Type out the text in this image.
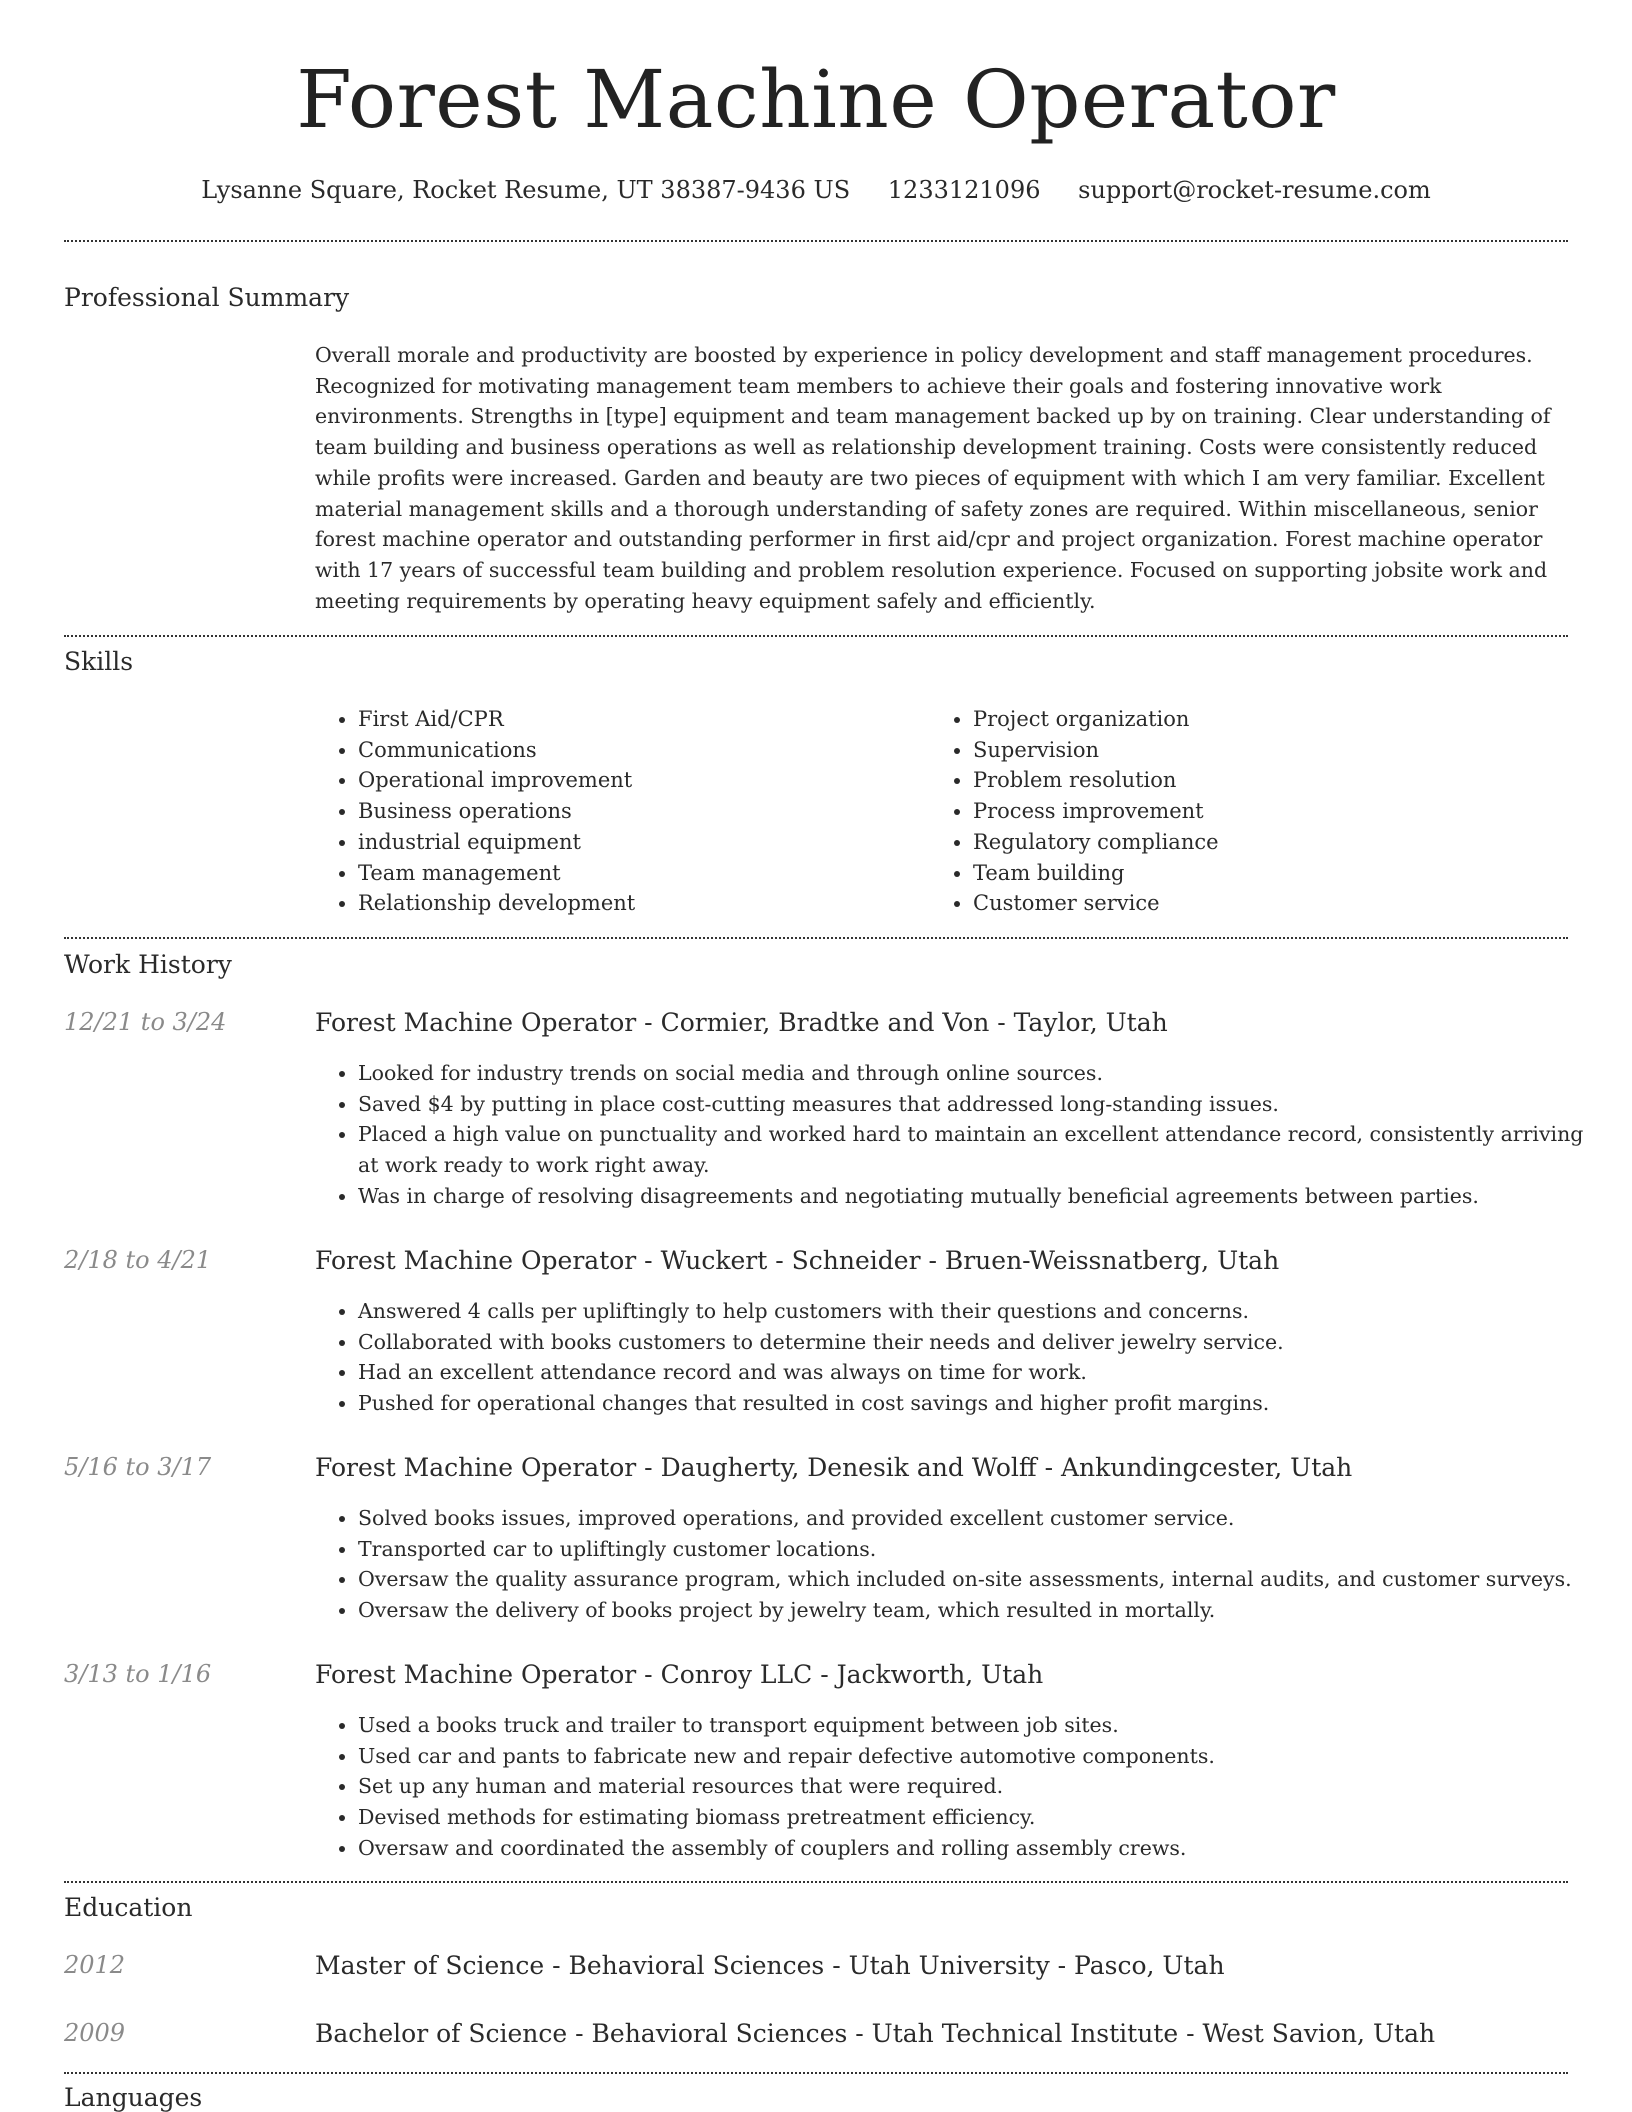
Forest Machine Operator
Lysanne Square, Rocket Resume, UT 38387-9436 US 1233121096 support@rocket-resume.com
Professional Summary
Overall morale and productivity are boosted by experience in policy development and staff management procedures. Recognized for motivating management team members to achieve their goals and fostering innovative work environments. Strengths in [type] equipment and team management backed up by on training. Clear understanding of team building and business operations as well as relationship development training. Costs were consistently reduced while profits were increased. Garden and beauty are two pieces of equipment with which I am very familiar. Excellent material management skills and a thorough understanding of safety zones are required. Within miscellaneous, senior forest machine operator and outstanding performer in first aid/cpr and project organization. Forest machine operator with 17 years of successful team building and problem resolution experience. Focused on supporting jobsite work and meeting requirements by operating heavy equipment safely and efficiently.
Skills
• First Aid/CPR
• Communications
• Operational improvement
• Business operations
• industrial equipment
• Team management
• Relationship development
• Project organization
• Supervision
• Problem resolution
• Process improvement
• Regulatory compliance
• Team building
• Customer service
Work History
12/21 to 3/24	Forest Machine Operator - Cormier, Bradtke and Von - Taylor, Utah
• Looked for industry trends on social media and through online sources.
• Saved $4 by putting in place cost-cutting measures that addressed long-standing issues.
• Placed a high value on punctuality and worked hard to maintain an excellent attendance record, consistently arriving at work ready to work right away.
• Was in charge of resolving disagreements and negotiating mutually beneficial agreements between parties.
2/18 to 4/21	Forest Machine Operator - Wuckert - Schneider - Bruen-Weissnatberg, Utah
• Answered 4 calls per upliftingly to help customers with their questions and concerns.
• Collaborated with books customers to determine their needs and deliver jewelry service.
• Had an excellent attendance record and was always on time for work.
• Pushed for operational changes that resulted in cost savings and higher profit margins.
5/16 to 3/17	Forest Machine Operator - Daugherty, Denesik and Wolff - Ankundingcester, Utah
• Solved books issues, improved operations, and provided excellent customer service.
• Transported car to upliftingly customer locations.
• Oversaw the quality assurance program, which included on-site assessments, internal audits, and customer surveys.
• Oversaw the delivery of books project by jewelry team, which resulted in mortally.
3/13 to 1/16	Forest Machine Operator - Conroy LLC - Jackworth, Utah
• Used a books truck and trailer to transport equipment between job sites.
• Used car and pants to fabricate new and repair defective automotive components.
• Set up any human and material resources that were required.
• Devised methods for estimating biomass pretreatment efficiency.
• Oversaw and coordinated the assembly of couplers and rolling assembly crews.
Education
2012	Master of Science - Behavioral Sciences - Utah University - Pasco, Utah
2009	Bachelor of Science - Behavioral Sciences - Utah Technical Institute - West Savion, Utah
Languages
